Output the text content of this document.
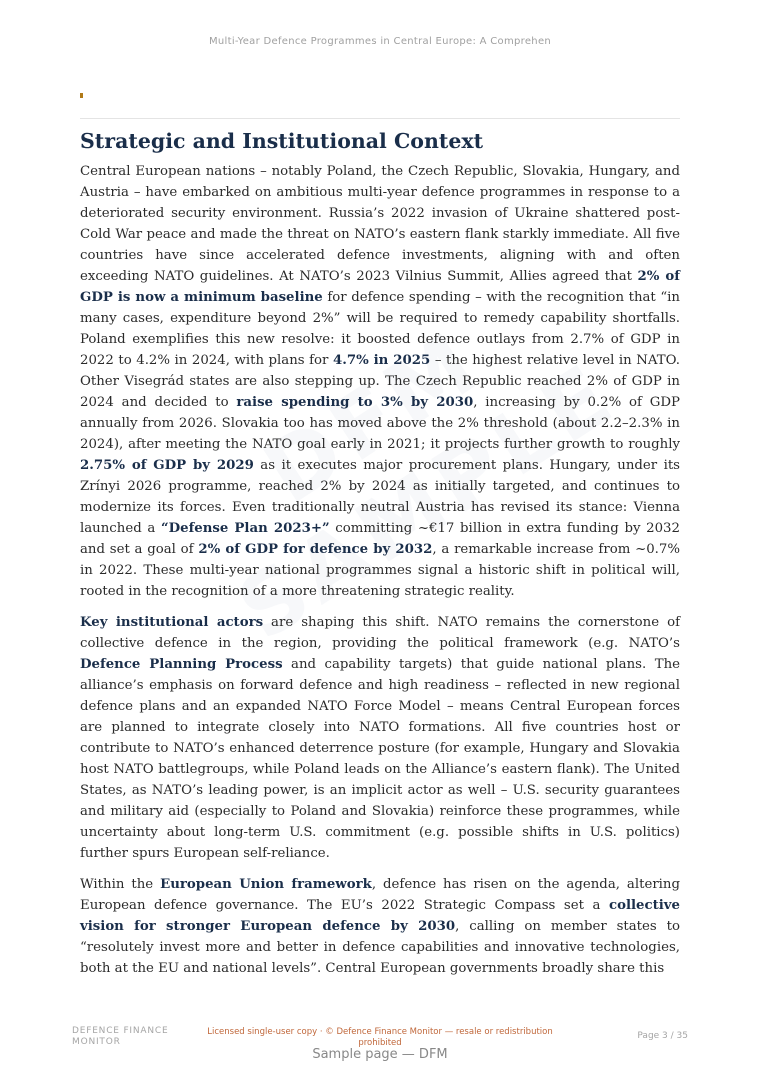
Multi-Year Defence Programmes in Central Europe: A Comprehen
Strategic and Institutional Context

Central European nations – notably Poland, the Czech Republic, Slovakia, Hungary, and Austria – have embarked on ambitious multi-year defence programmes in response to a deteriorated security environment. Russia’s 2022 invasion of Ukraine shattered post-Cold War peace and made the threat on NATO’s eastern flank starkly immediate. All five countries have since accelerated defence investments, aligning with and often exceeding NATO guidelines. At NATO’s 2023 Vilnius Summit, Allies agreed that 2% of GDP is now a minimum baseline for defence spending – with the recognition that “in many cases, expenditure beyond 2%” will be required to remedy capability shortfalls. Poland exemplifies this new resolve: it boosted defence outlays from 2.7% of GDP in 2022 to 4.2% in 2024, with plans for 4.7% in 2025 – the highest relative level in NATO. Other Visegrád states are also stepping up. The Czech Republic reached 2% of GDP in 2024 and decided to raise spending to 3% by 2030, increasing by 0.2% of GDP annually from 2026. Slovakia too has moved above the 2% threshold (about 2.2–2.3% in 2024), after meeting the NATO goal early in 2021; it projects further growth to roughly 2.75% of GDP by 2029 as it executes major procurement plans. Hungary, under its Zrínyi 2026 programme, reached 2% by 2024 as initially targeted, and continues to modernize its forces. Even traditionally neutral Austria has revised its stance: Vienna launched a “Defense Plan 2023+” committing ~€17 billion in extra funding by 2032 and set a goal of 2% of GDP for defence by 2032, a remarkable increase from ~0.7% in 2022. These multi-year national programmes signal a historic shift in political will, rooted in the recognition of a more threatening strategic reality.

Key institutional actors are shaping this shift. NATO remains the cornerstone of collective defence in the region, providing the political framework (e.g. NATO’s Defence Planning Process and capability targets) that guide national plans. The alliance’s emphasis on forward defence and high readiness – reflected in new regional defence plans and an expanded NATO Force Model – means Central European forces are planned to integrate closely into NATO formations. All five countries host or contribute to NATO’s enhanced deterrence posture (for example, Hungary and Slovakia host NATO battlegroups, while Poland leads on the Alliance’s eastern flank). The United States, as NATO’s leading power, is an implicit actor as well – U.S. security guarantees and military aid (especially to Poland and Slovakia) reinforce these programmes, while uncertainty about long-term U.S. commitment (e.g. possible shifts in U.S. politics) further spurs European self-reliance.

Within the European Union framework, defence has risen on the agenda, altering European defence governance. The EU’s 2022 Strategic Compass set a collective vision for stronger European defence by 2030, calling on member states to “resolutely invest more and better in defence capabilities and innovative technologies, both at the EU and national levels”. Central European governments broadly share this

DEFENCE FINANCE
MONITOR
Licensed single-user copy · © Defence Finance Monitor — resale or redistribution prohibited
Page 3 / 35
Sample page — DFM
